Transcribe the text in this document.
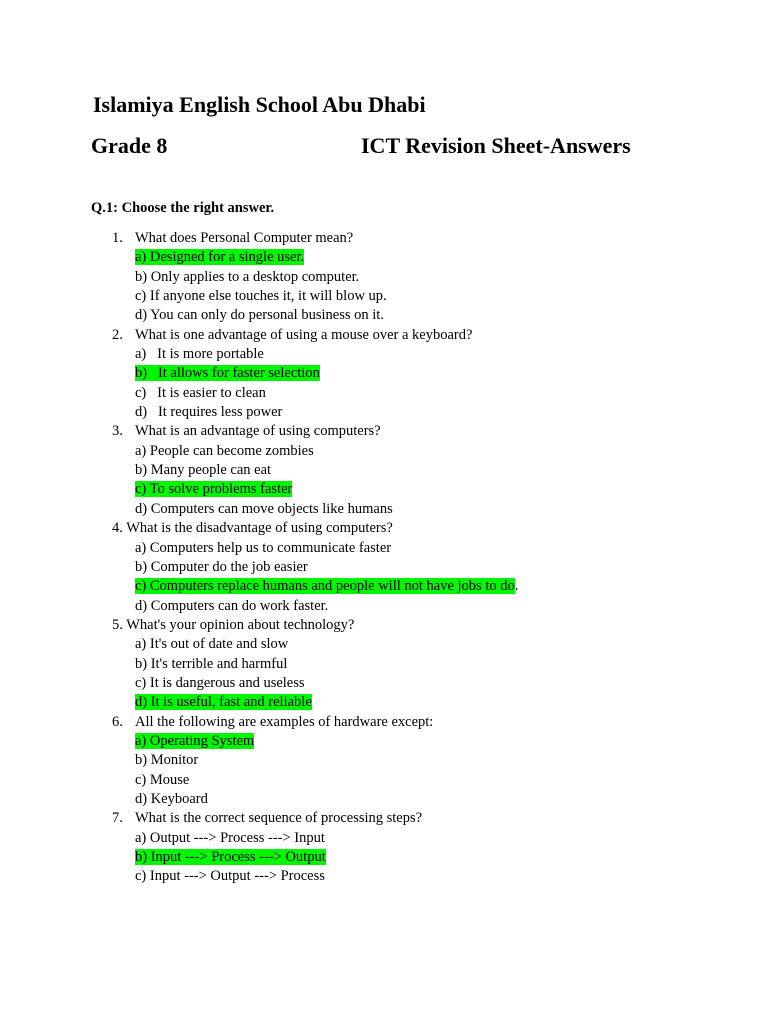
Islamiya English School Abu Dhabi
Grade 8	ICT Revision Sheet-Answers
Q.1: Choose the right answer.
1. What does Personal Computer mean?
a) Designed for a single user.
b) Only applies to a desktop computer.
c) If anyone else touches it, it will blow up.
d) You can only do personal business on it.
2. What is one advantage of using a mouse over a keyboard?
a)   It is more portable
b)   It allows for faster selection
c)   It is easier to clean
d)   It requires less power
3. What is an advantage of using computers?
a) People can become zombies
b) Many people can eat
c) To solve problems faster
d) Computers can move objects like humans
4. What is the disadvantage of using computers?
a) Computers help us to communicate faster
b) Computer do the job easier
c) Computers replace humans and people will not have jobs to do.
d) Computers can do work faster.
5. What's your opinion about technology?
a) It's out of date and slow
b) It's terrible and harmful
c) It is dangerous and useless
d) It is useful, fast and reliable
6. All the following are examples of hardware except:
a) Operating System
b) Monitor
c) Mouse
d) Keyboard
7. What is the correct sequence of processing steps?
a) Output ---> Process ---> Input
b) Input ---> Process ---> Output
c) Input ---> Output ---> Process
